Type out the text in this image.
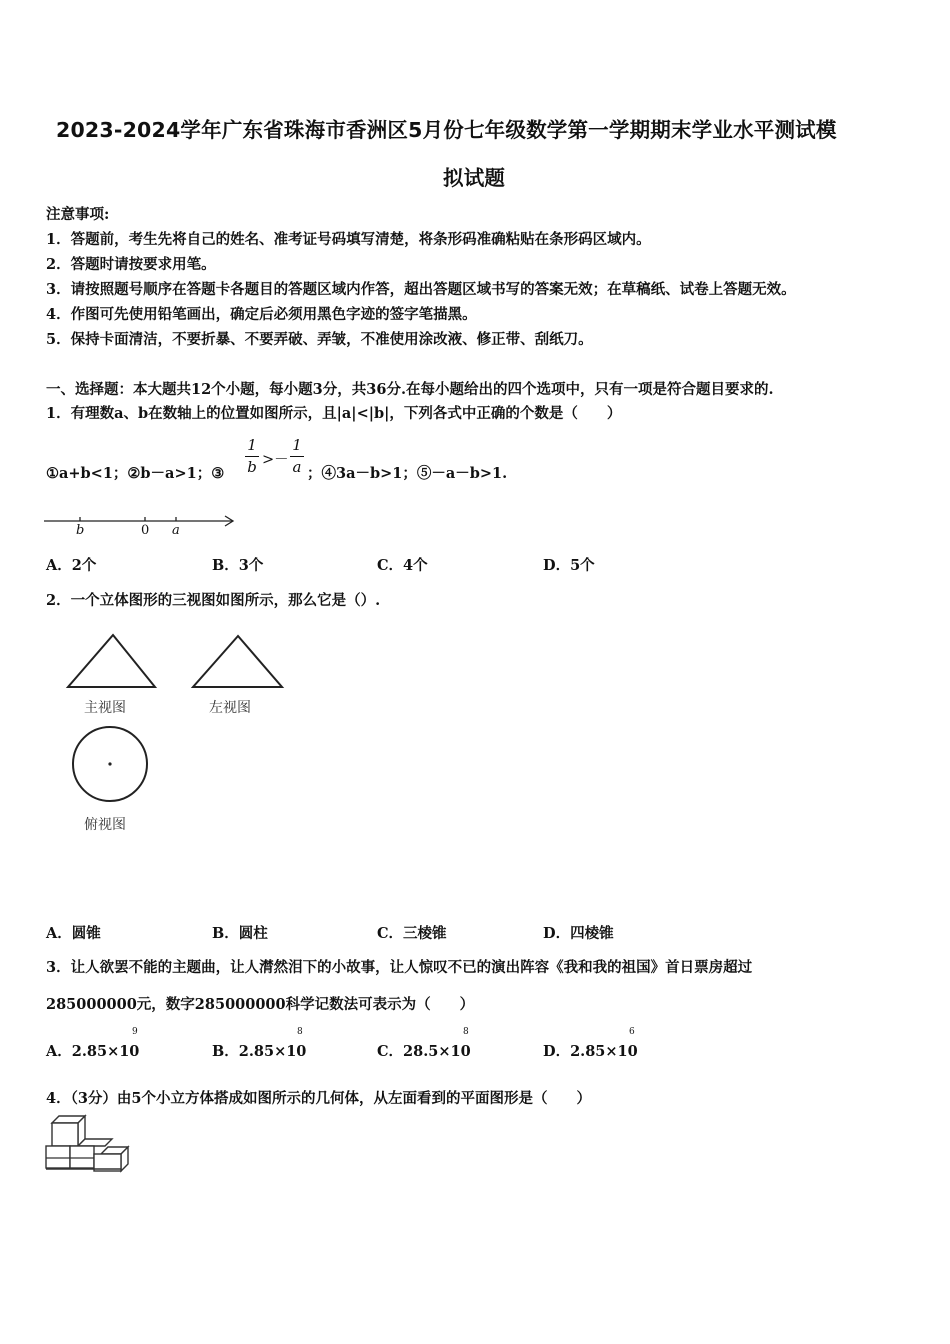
2023-2024学年广东省珠海市香洲区5月份七年级数学第一学期期末学业水平测试模
拟试题
注意事项:
1．答题前，考生先将自己的姓名、准考证号码填写清楚，将条形码准确粘贴在条形码区域内。
2．答题时请按要求用笔。
3．请按照题号顺序在答题卡各题目的答题区域内作答，超出答题区域书写的答案无效；在草稿纸、试卷上答题无效。
4．作图可先使用铅笔画出，确定后必须用黑色字迹的签字笔描黑。
5．保持卡面清洁，不要折暴、不要弄破、弄皱，不准使用涂改液、修正带、刮纸刀。
一、选择题：本大题共12个小题，每小题3分，共36分.在每小题给出的四个选项中，只有一项是符合题目要求的.
1．有理数a、b在数轴上的位置如图所示，且|a|<|b|，下列各式中正确的个数是（　　）
①a+b<1；②b－a>1；③
1
b >－
1
a ；④3a－b>1；⑤－a－b>1.
b	0 a
A．2个	B．3个	C．4个	D．5个
2．一个立体图形的三视图如图所示，那么它是（）.
主视图	左视图
俯视图
A．圆锥	B．圆柱	C．三棱锥	D．四棱锥
3．让人欲罢不能的主题曲，让人潸然泪下的小故事，让人惊叹不已的演出阵容《我和我的祖国》首日票房超过
285000000元，数字285000000科学记数法可表示为（　　）
A．2.85×10
9
B．2.85×10
8
C．28.5×10
8
D．2.85×10
6
4．（3分）由5个小立方体搭成如图所示的几何体，从左面看到的平面图形是（　　）
